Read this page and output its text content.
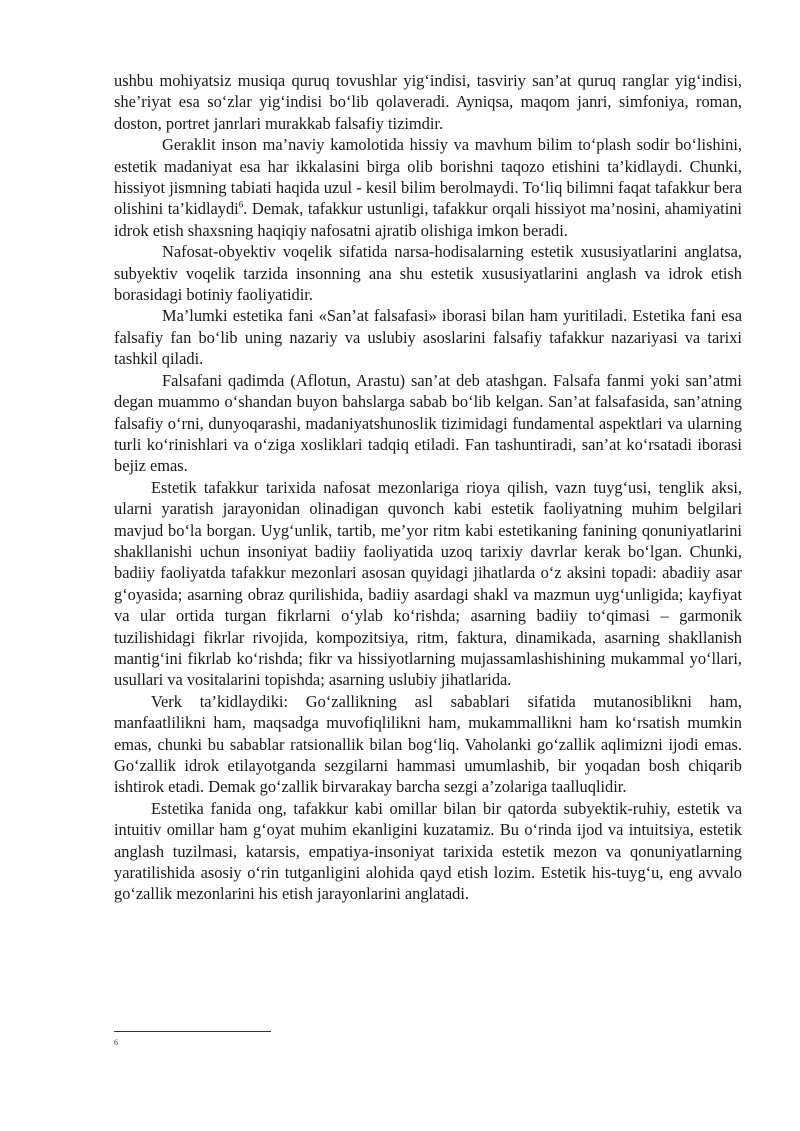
ushbu mohiyatsiz musiqa quruq tovushlar yig‘indisi, tasviriy san’at quruq ranglar yig‘indisi, she’riyat esa so‘zlar yig‘indisi bo‘lib qolaveradi. Ayniqsa, maqom janri, simfoniya, roman, doston, portret janrlari murakkab falsafiy tizimdir.

Geraklit inson ma’naviy kamolotida hissiy va mavhum bilim to‘plash sodir bo‘lishini, estetik madaniyat esa har ikkalasini birga olib borishni taqozo etishini ta’kidlaydi. Chunki, hissiyot jismning tabiati haqida uzul - kesil bilim berolmaydi. To‘liq bilimni faqat tafakkur bera olishini ta’kidlaydi$^6$. Demak, tafakkur ustunligi, tafakkur orqali hissiyot ma’nosini, ahamiyatini idrok etish shaxsning haqiqiy nafosatni ajratib olishiga imkon beradi.

Nafosat-obyektiv voqelik sifatida narsa-hodisalarning estetik xususiyatlarini anglatsa, subyektiv voqelik tarzida insonning ana shu estetik xususiyatlarini anglash va idrok etish borasidagi botiniy faoliyatidir.

Ma’lumki estetika fani «San’at falsafasi» iborasi bilan ham yuritiladi. Estetika fani esa falsafiy fan bo‘lib uning nazariy va uslubiy asoslarini falsafiy tafakkur nazariyasi va tarixi tashkil qiladi.

Falsafani qadimda (Aflotun, Arastu) san’at deb atashgan. Falsafa fanmi yoki san’atmi degan muammo o‘shandan buyon bahslarga sabab bo‘lib kelgan. San’at falsafasida, san’atning falsafiy o‘rni, dunyoqarashi, madaniyatshunoslik tizimidagi fundamental aspektlari va ularning turli ko‘rinishlari va o‘ziga xosliklari tadqiq etiladi. Fan tashuntiradi, san’at ko‘rsatadi iborasi bejiz emas.

Estetik tafakkur tarixida nafosat mezonlariga rioya qilish, vazn tuyg‘usi, tenglik aksi, ularni yaratish jarayonidan olinadigan quvonch kabi estetik faoliyatning muhim belgilari mavjud bo‘la borgan. Uyg‘unlik, tartib, me’yor ritm kabi estetikaning fanining qonuniyatlarini shakllanishi uchun insoniyat badiiy faoliyatida uzoq tarixiy davrlar kerak bo‘lgan. Chunki, badiiy faoliyatda tafakkur mezonlari asosan quyidagi jihatlarda o‘z aksini topadi: abadiiy asar g‘oyasida; asarning obraz qurilishida, badiiy asardagi shakl va mazmun uyg‘unligida; kayfiyat va ular ortida turgan fikrlarni o‘ylab ko‘rishda; asarning badiiy to‘qimasi – garmonik tuzilishidagi fikrlar rivojida, kompozitsiya, ritm, faktura, dinamikada, asarning shakllanish mantig‘ini fikrlab ko‘rishda; fikr va hissiyotlarning mujassamlashishining mukammal yo‘llari, usullari va vositalarini topishda; asarning uslubiy jihatlarida.

Verk ta’kidlaydiki: Go‘zallikning asl sabablari sifatida mutanosiblikni ham, manfaatlilikni ham, maqsadga muvofiqlilikni ham, mukammallikni ham ko‘rsatish mumkin emas, chunki bu sabablar ratsionallik bilan bog‘liq. Vaholanki go‘zallik aqlimizni ijodi emas. Go‘zallik idrok etilayotganda sezgilarni hammasi umumlashib, bir yoqadan bosh chiqarib ishtirok etadi. Demak go‘zallik birvarakay barcha sezgi a’zolariga taalluqlidir.

Estetika fanida ong, tafakkur kabi omillar bilan bir qatorda subyektik-ruhiy, estetik va intuitiv omillar ham g‘oyat muhim ekanligini kuzatamiz. Bu o‘rinda ijod va intuitsiya, estetik anglash tuzilmasi, katarsis, empatiya-insoniyat tarixida estetik mezon va qonuniyatlarning yaratilishida asosiy o‘rin tutganligini alohida qayd etish lozim. Estetik his-tuyg‘u, eng avvalo go‘zallik mezonlarini his etish jarayonlarini anglatadi.

6
